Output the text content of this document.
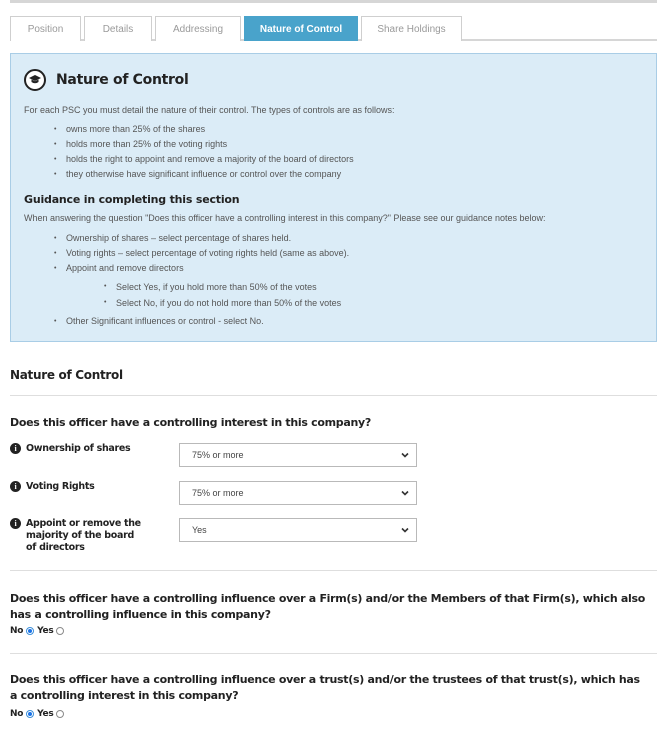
Position	Details	Addressing	Nature of Control	Share Holdings
Nature of Control

For each PSC you must detail the nature of their control. The types of controls are as follows:

• owns more than 25% of the shares
• holds more than 25% of the voting rights
• holds the right to appoint and remove a majority of the board of directors
• they otherwise have significant influence or control over the company
Guidance in completing this section

When answering the question "Does this officer have a controlling interest in this company?" Please see our guidance notes below:

• Ownership of shares – select percentage of shares held.
• Voting rights – select percentage of voting rights held (same as above).
• Appoint and remove directors
• Select Yes, if you hold more than 50% of the votes
• Select No, if you do not hold more than 50% of the votes
• Other Significant influences or control - select No.
Nature of Control
Does this officer have a controlling interest in this company?
i	Ownership of shares
75% or more
i	Voting Rights
75% or more
i	Appoint or remove the majority of the board of directors
Yes
Does this officer have a controlling influence over a Firm(s) and/or the Members of that Firm(s), which also has a controlling influence in this company?
No Yes
Does this officer have a controlling influence over a trust(s) and/or the trustees of that trust(s), which has a controlling interest in this company?
No Yes
